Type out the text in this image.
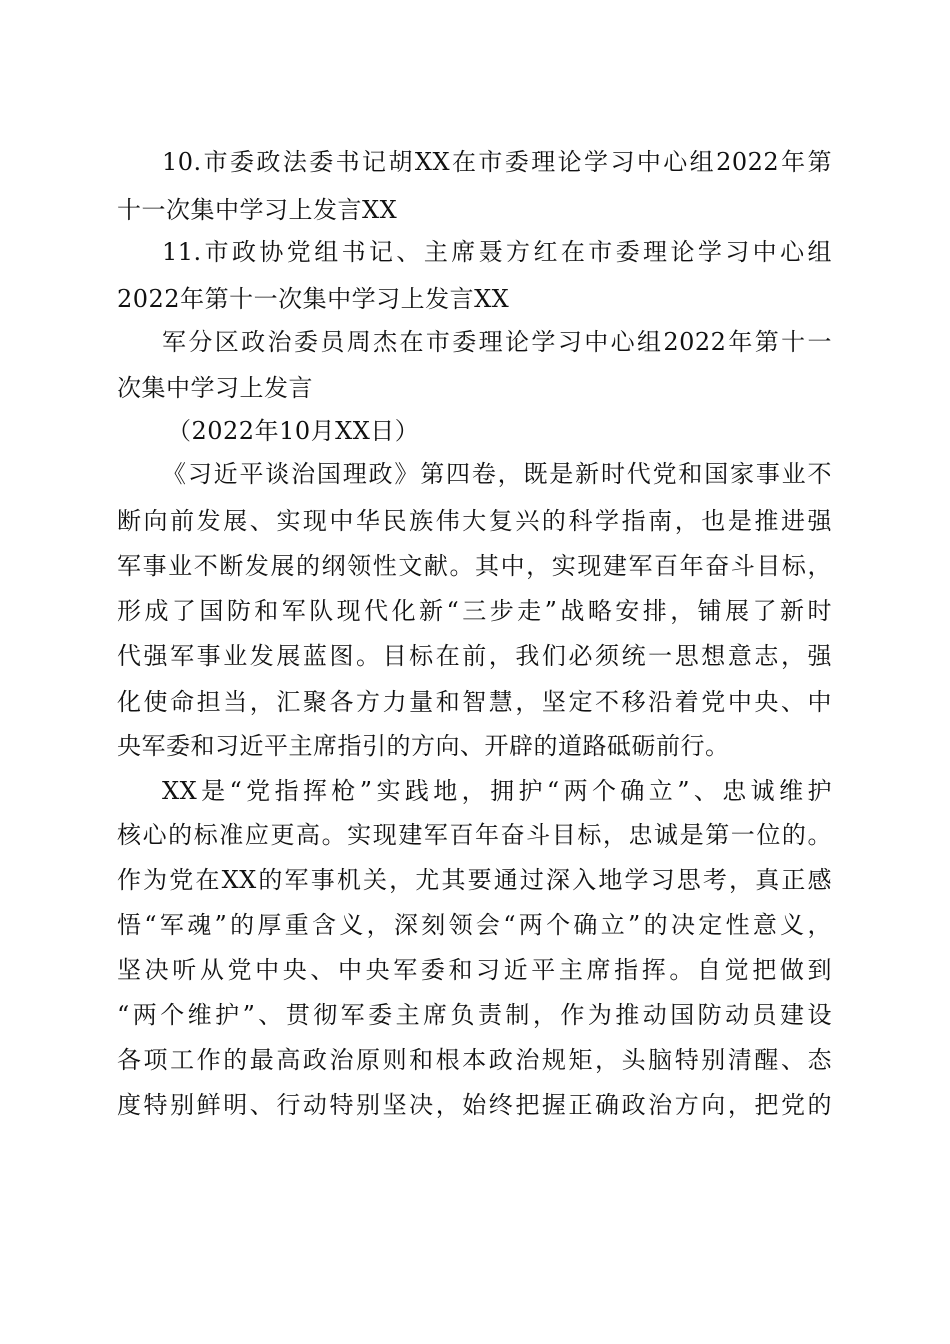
10.市委政法委书记胡XX在市委理论学习中心组2022年第
十一次集中学习上发言XX
11.市政协党组书记、主席聂方红在市委理论学习中心组
2022年第十一次集中学习上发言XX
军分区政治委员周杰在市委理论学习中心组2022年第十一
次集中学习上发言
（2022年10月XX日）
《习近平谈治国理政》第四卷，既是新时代党和国家事业不
断向前发展、实现中华民族伟大复兴的科学指南，也是推进强
军事业不断发展的纲领性文献。其中，实现建军百年奋斗目标，
形成了国防和军队现代化新“三步走”战略安排，铺展了新时
代强军事业发展蓝图。目标在前，我们必须统一思想意志，强
化使命担当，汇聚各方力量和智慧，坚定不移沿着党中央、中
央军委和习近平主席指引的方向、开辟的道路砥砺前行。
XX是“党指挥枪”实践地，拥护“两个确立”、忠诚维护
核心的标准应更高。实现建军百年奋斗目标，忠诚是第一位的。
作为党在XX的军事机关，尤其要通过深入地学习思考，真正感
悟“军魂”的厚重含义，深刻领会“两个确立”的决定性意义，
坚决听从党中央、中央军委和习近平主席指挥。自觉把做到
“两个维护”、贯彻军委主席负责制，作为推动国防动员建设
各项工作的最高政治原则和根本政治规矩，头脑特别清醒、态
度特别鲜明、行动特别坚决，始终把握正确政治方向，把党的
